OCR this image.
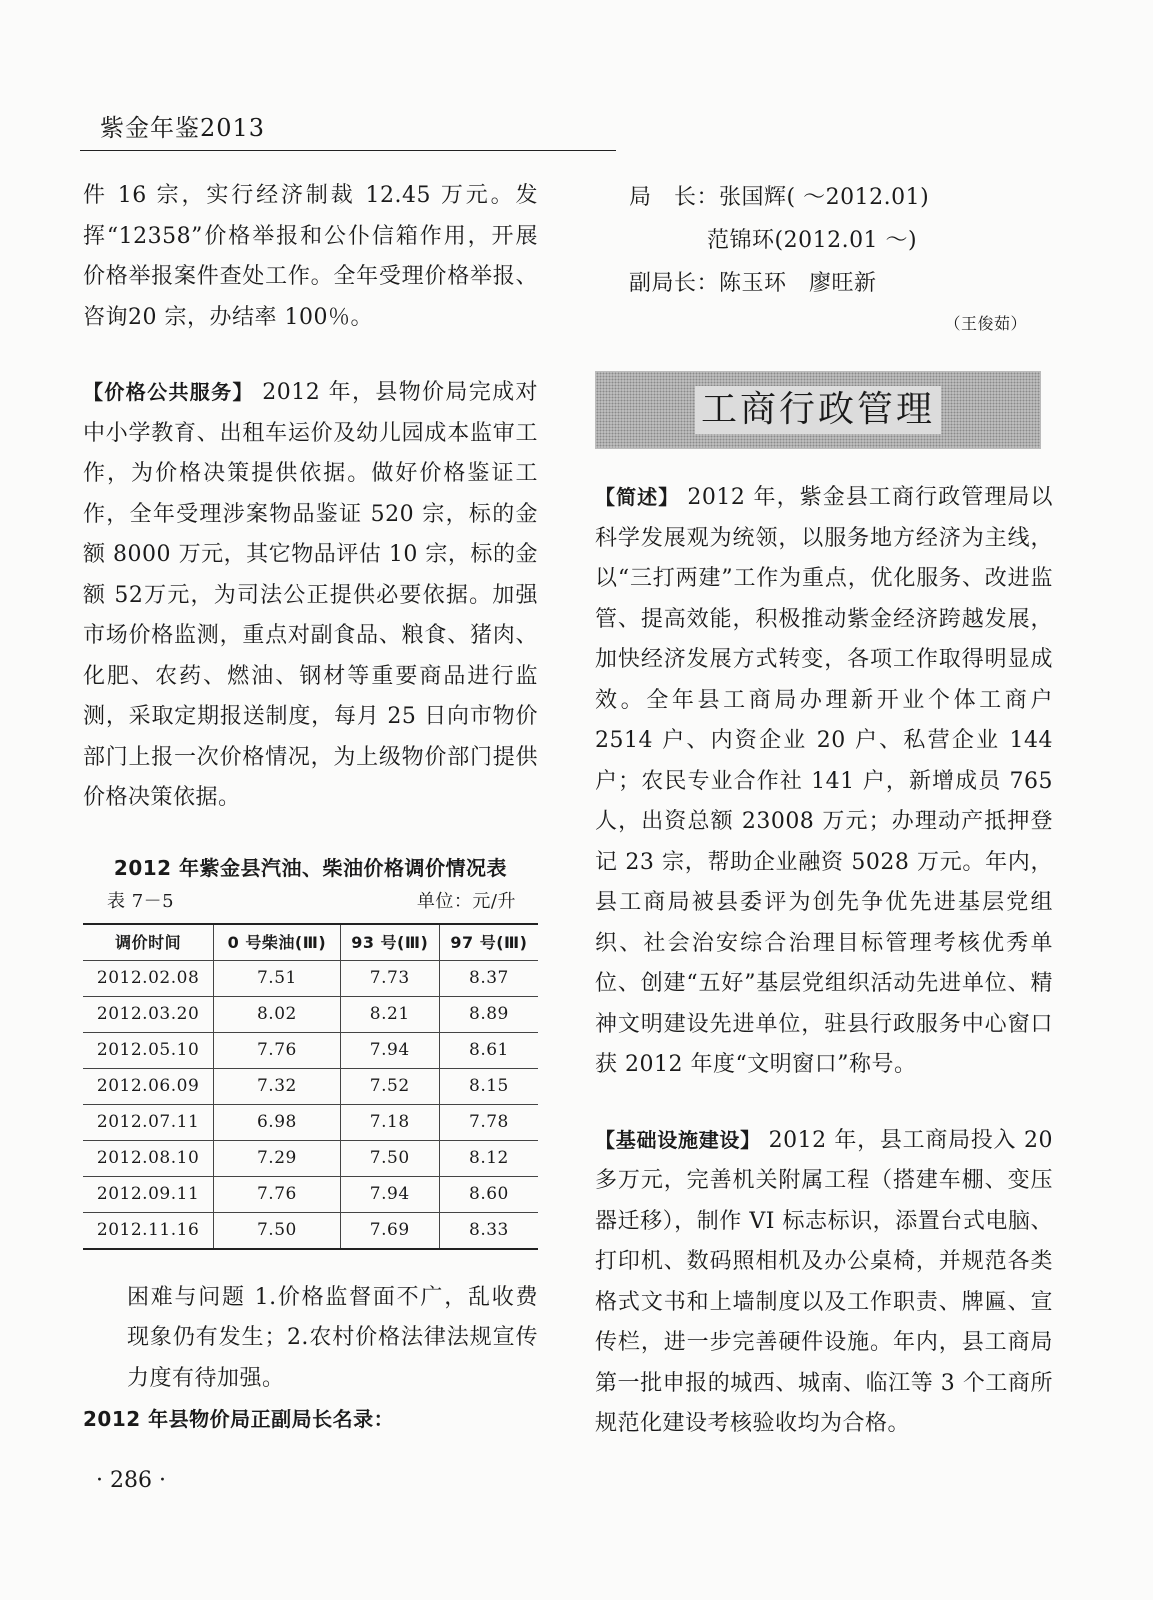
紫金年鉴2013

件 16 宗，实行经济制裁 12.45 万元。发挥“12358”价格举报和公仆信箱作用，开展价格举报案件查处工作。全年受理价格举报、咨询20 宗，办结率 100％。

【价格公共服务】 2012 年，县物价局完成对中小学教育、出租车运价及幼儿园成本监审工作，为价格决策提供依据。做好价格鉴证工作，全年受理涉案物品鉴证 520 宗，标的金额 8000 万元，其它物品评估 10 宗，标的金额 52万元，为司法公正提供必要依据。加强市场价格监测，重点对副食品、粮食、猪肉、化肥、农药、燃油、钢材等重要商品进行监测，采取定期报送制度，每月 25 日向市物价部门上报一次价格情况，为上级物价部门提供价格决策依据。

2012 年紫金县汽油、柴油价格调价情况表
表 7－5	单位：元/升
调价时间	0 号柴油(Ⅲ)	93 号(Ⅲ)	97 号(Ⅲ)
2012.02.08	7.51	7.73	8.37
2012.03.20	8.02	8.21	8.89
2012.05.10	7.76	7.94	8.61
2012.06.09	7.32	7.52	8.15
2012.07.11	6.98	7.18	7.78
2012.08.10	7.29	7.50	8.12
2012.09.11	7.76	7.94	8.60
2012.11.16	7.50	7.69	8.33

困难与问题 1.价格监督面不广，乱收费现象仍有发生；2.农村价格法律法规宣传力度有待加强。

2012 年县物价局正副局长名录：
· 286 ·
局　长：张国辉( ～2012.01)
范锦环(2012.01 ～)
副局长：陈玉环　廖旺新
（王俊茹）
工商行政管理

【简述】 2012 年，紫金县工商行政管理局以科学发展观为统领，以服务地方经济为主线，以“三打两建”工作为重点，优化服务、改进监管、提高效能，积极推动紫金经济跨越发展，加快经济发展方式转变，各项工作取得明显成效。全年县工商局办理新开业个体工商户2514 户、内资企业 20 户、私营企业 144 户；农民专业合作社 141 户，新增成员 765 人，出资总额 23008 万元；办理动产抵押登记 23 宗，帮助企业融资 5028 万元。年内，县工商局被县委评为创先争优先进基层党组织、社会治安综合治理目标管理考核优秀单位、创建“五好”基层党组织活动先进单位、精神文明建设先进单位，驻县行政服务中心窗口获 2012 年度“文明窗口”称号。

【基础设施建设】 2012 年，县工商局投入 20多万元，完善机关附属工程（搭建车棚、变压器迁移），制作 VI 标志标识，添置台式电脑、打印机、数码照相机及办公桌椅，并规范各类格式文书和上墙制度以及工作职责、牌匾、宣传栏，进一步完善硬件设施。年内，县工商局第一批申报的城西、城南、临江等 3 个工商所规范化建设考核验收均为合格。
